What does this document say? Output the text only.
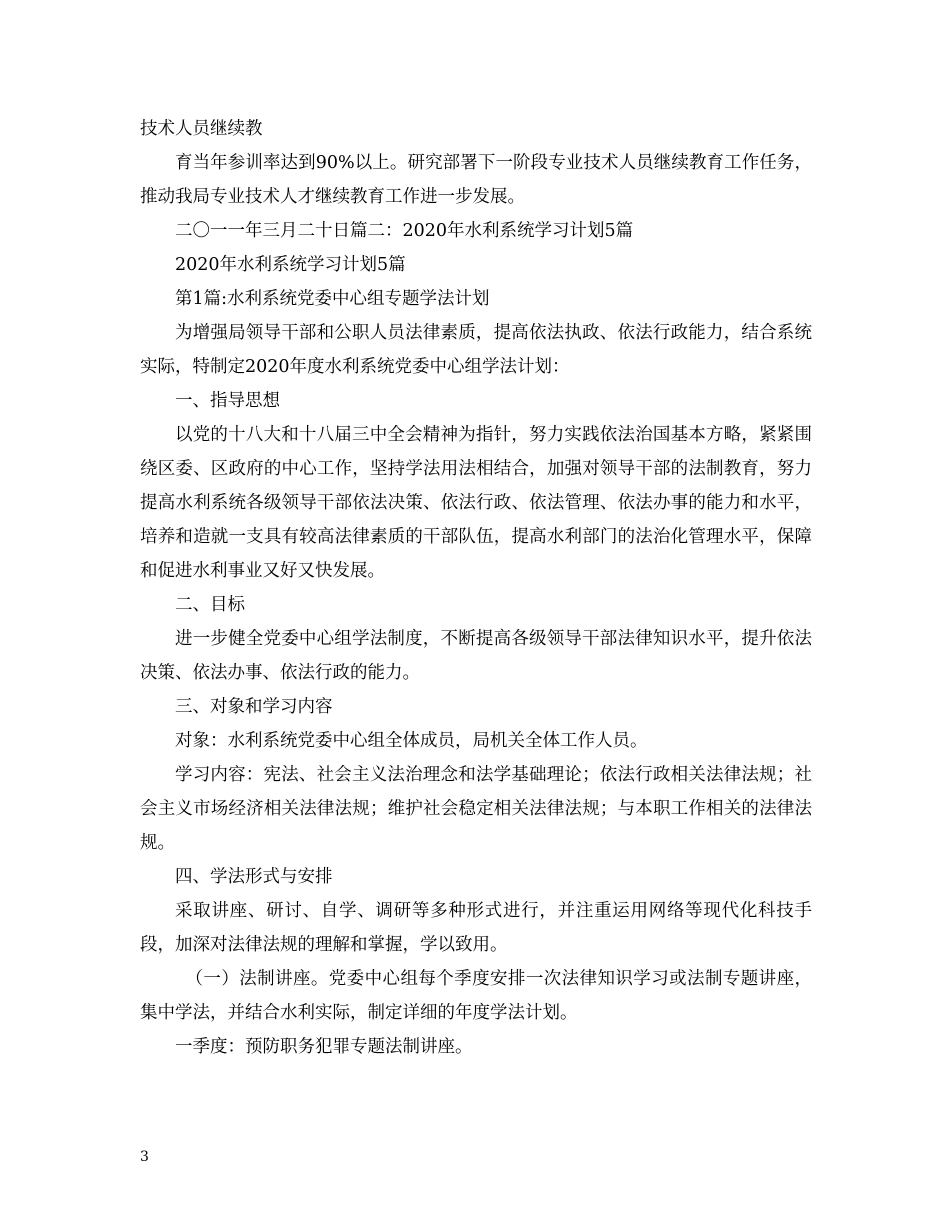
技术人员继续教

育当年参训率达到90%以上。研究部署下一阶段专业技术人员继续教育工作任务，推动我局专业技术人才继续教育工作进一步发展。

二〇一一年三月二十日篇二：2020年水利系统学习计划5篇

2020年水利系统学习计划5篇

第1篇:水利系统党委中心组专题学法计划

为增强局领导干部和公职人员法律素质，提高依法执政、依法行政能力，结合系统实际，特制定2020年度水利系统党委中心组学法计划：

一、指导思想

以党的十八大和十八届三中全会精神为指针，努力实践依法治国基本方略，紧紧围绕区委、区政府的中心工作，坚持学法用法相结合，加强对领导干部的法制教育，努力提高水利系统各级领导干部依法决策、依法行政、依法管理、依法办事的能力和水平，培养和造就一支具有较高法律素质的干部队伍，提高水利部门的法治化管理水平，保障和促进水利事业又好又快发展。

二、目标

进一步健全党委中心组学法制度，不断提高各级领导干部法律知识水平，提升依法决策、依法办事、依法行政的能力。

三、对象和学习内容

对象：水利系统党委中心组全体成员，局机关全体工作人员。

学习内容：宪法、社会主义法治理念和法学基础理论；依法行政相关法律法规；社会主义市场经济相关法律法规；维护社会稳定相关法律法规；与本职工作相关的法律法规。

四、学法形式与安排

采取讲座、研讨、自学、调研等多种形式进行，并注重运用网络等现代化科技手段，加深对法律法规的理解和掌握，学以致用。

（一）法制讲座。党委中心组每个季度安排一次法律知识学习或法制专题讲座，集中学法，并结合水利实际，制定详细的年度学法计划。

一季度：预防职务犯罪专题法制讲座。

3
